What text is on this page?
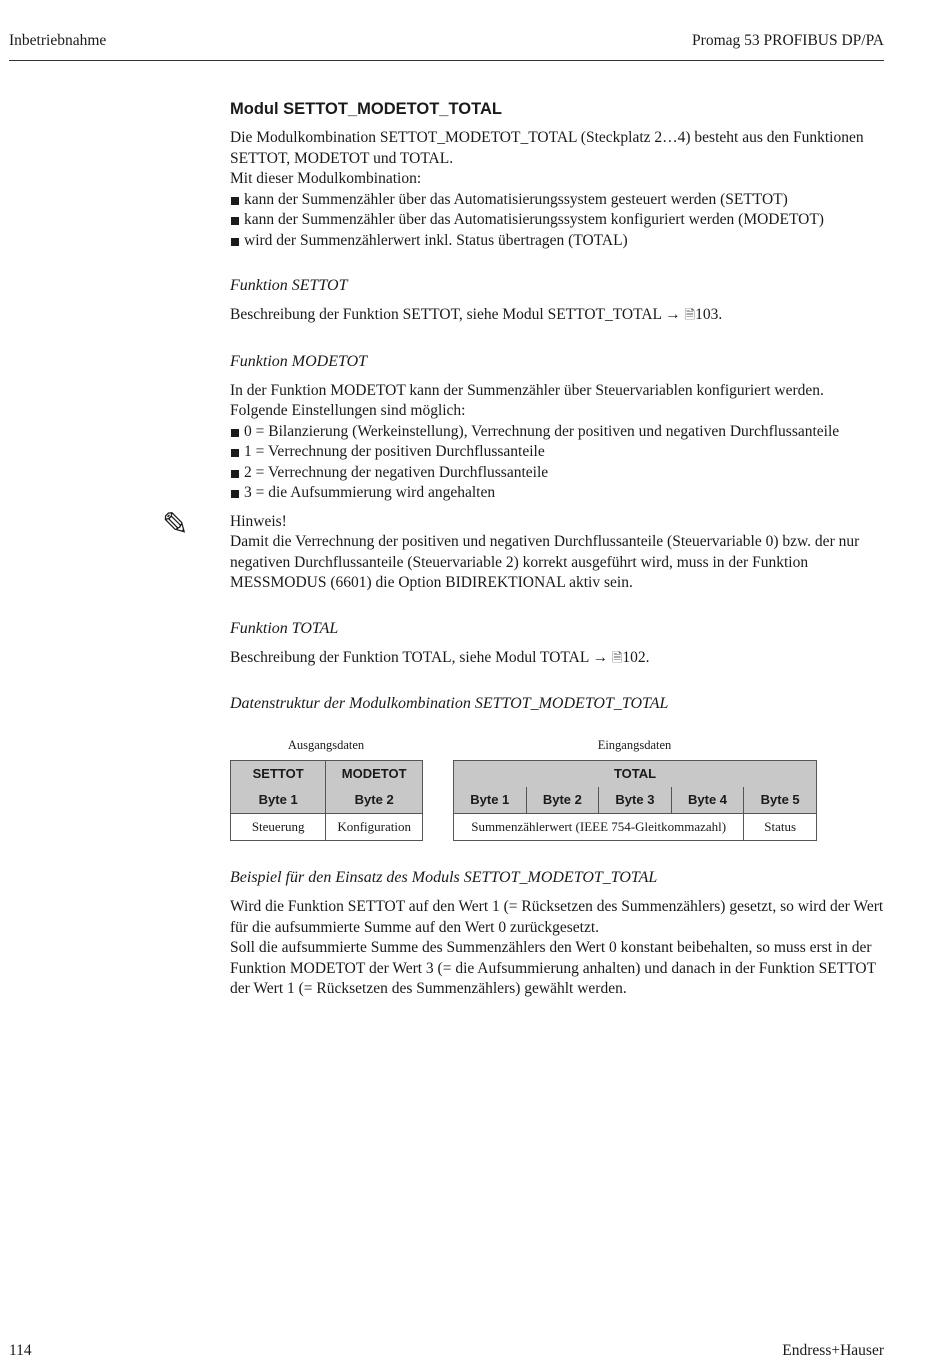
Inbetriebnahme	Promag 53 PROFIBUS DP/PA
✎
Modul SETTOT_MODETOT_TOTAL

Die Modulkombination SETTOT_MODETOT_TOTAL (Steckplatz 2…4) besteht aus den Funktionen SETTOT, MODETOT und TOTAL.

Mit dieser Modulkombination:

kann der Summenzähler über das Automatisierungssystem gesteuert werden (SETTOT)
kann der Summenzähler über das Automatisierungssystem konfiguriert werden (MODETOT)
wird der Summenzählerwert inkl. Status übertragen (TOTAL)
Funktion SETTOT

Beschreibung der Funktion SETTOT, siehe Modul SETTOT_TOTAL → 🗎103.

Funktion MODETOT

In der Funktion MODETOT kann der Summenzähler über Steuervariablen konfiguriert werden.

Folgende Einstellungen sind möglich:

0 = Bilanzierung (Werkeinstellung), Verrechnung der positiven und negativen Durchflussanteile
1 = Verrechnung der positiven Durchflussanteile
2 = Verrechnung der negativen Durchflussanteile
3 = die Aufsummierung wird angehalten

Hinweis!

Damit die Verrechnung der positiven und negativen Durchflussanteile (Steuervariable 0) bzw. der nur negativen Durchflussanteile (Steuervariable 2) korrekt ausgeführt wird, muss in der Funktion MESSMODUS (6601) die Option BIDIREKTIONAL aktiv sein.

Funktion TOTAL

Beschreibung der Funktion TOTAL, siehe Modul TOTAL → 🗎102.

Datenstruktur der Modulkombination SETTOT_MODETOT_TOTAL
Ausgangsdaten	Eingangsdaten
SETTOT	MODETOT
Byte 1	Byte 2
Steuerung	Konfiguration
TOTAL				
Byte 1	Byte 2	Byte 3	Byte 4	Byte 5
Summenzählerwert (IEEE 754-Gleitkommazahl)				Status
Beispiel für den Einsatz des Moduls SETTOT_MODETOT_TOTAL

Wird die Funktion SETTOT auf den Wert 1 (= Rücksetzen des Summenzählers) gesetzt, so wird der Wert für die aufsummierte Summe auf den Wert 0 zurückgesetzt.

Soll die aufsummierte Summe des Summenzählers den Wert 0 konstant beibehalten, so muss erst in der Funktion MODETOT der Wert 3 (= die Aufsummierung anhalten) und danach in der Funktion SETTOT der Wert 1 (= Rücksetzen des Summenzählers) gewählt werden.

114	Endress+Hauser
